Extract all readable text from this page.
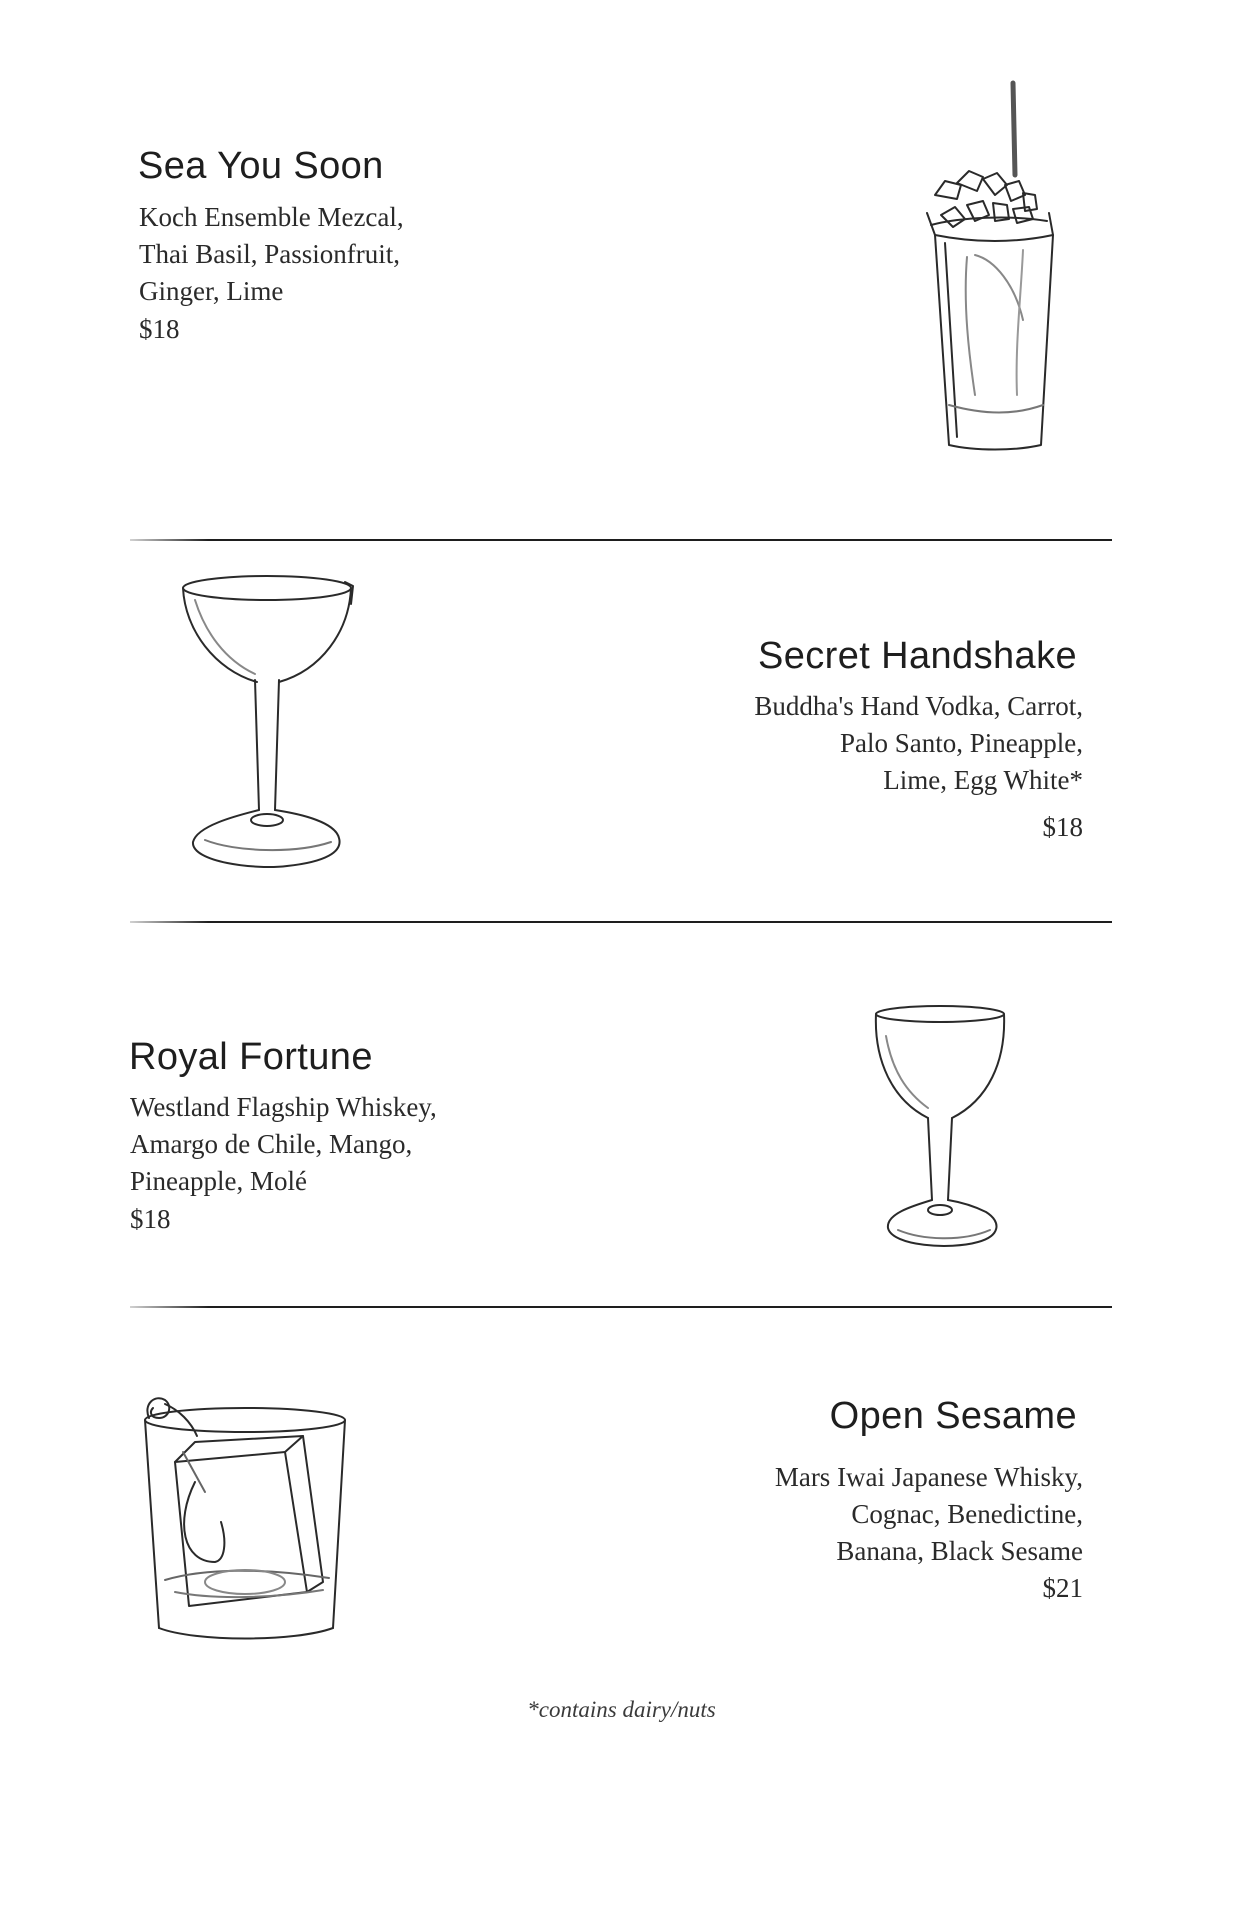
Sea You Soon
Koch Ensemble Mezcal,
Thai Basil, Passionfruit,
Ginger, Lime
$18
Secret Handshake
Buddha's Hand Vodka, Carrot,
Palo Santo, Pineapple,
Lime, Egg White*
$18
Royal Fortune
Westland Flagship Whiskey,
Amargo de Chile, Mango,
Pineapple, Molé
$18
Open Sesame
Mars Iwai Japanese Whisky,
Cognac, Benedictine,
Banana, Black Sesame
$21
*contains dairy/nuts
